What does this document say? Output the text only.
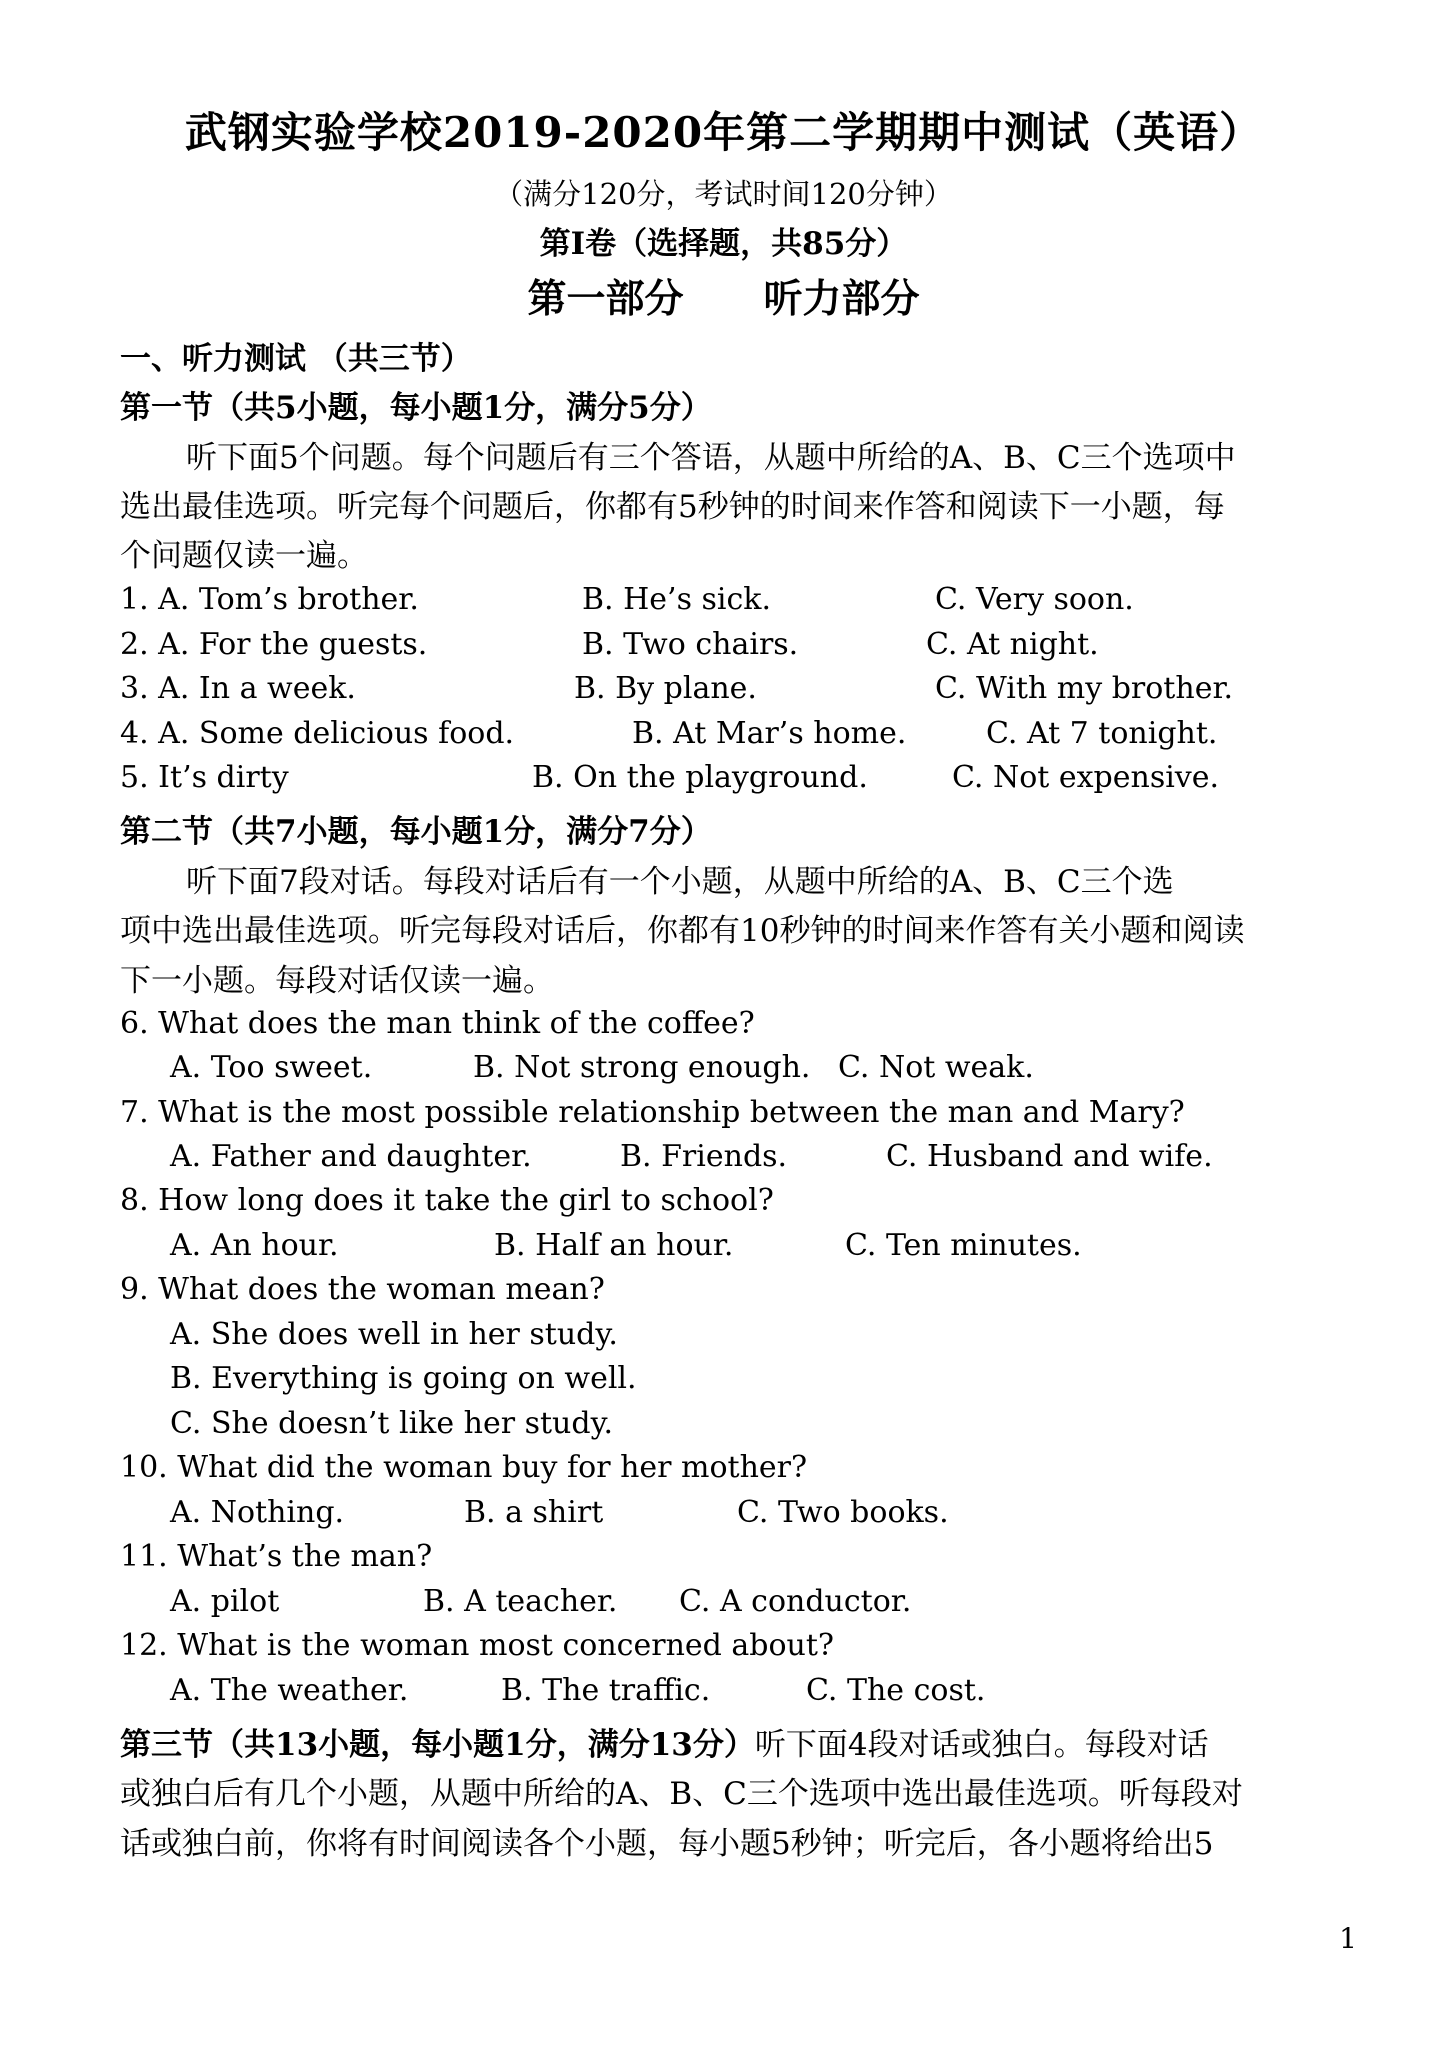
武钢实验学校2019-2020年第二学期期中测试（英语）
（满分120分，考试时间120分钟）
第Ⅰ卷（选择题，共85分）
第一部分 听力部分
一、听力测试 （共三节）
第一节（共5小题，每小题1分，满分5分）
听下面5个问题。每个问题后有三个答语，从题中所给的A、B、C三个选项中
选出最佳选项。听完每个问题后，你都有5秒钟的时间来作答和阅读下一小题，每
个问题仅读一遍。
1. A. Tom’s brother.	B. He’s sick.	C. Very soon.
2. A. For the guests.	B. Two chairs.	C. At night.
3. A. In a week.	B. By plane.	C. With my brother.
4. A. Some delicious food.	B. At Mar’s home.	C. At 7 tonight.
5. It’s dirty	B. On the playground.	C. Not expensive.
第二节（共7小题，每小题1分，满分7分）
听下面7段对话。每段对话后有一个小题，从题中所给的A、B、C三个选
项中选出最佳选项。听完每段对话后，你都有10秒钟的时间来作答有关小题和阅读
下一小题。每段对话仅读一遍。
6. What does the man think of the coffee?
A. Too sweet.	B. Not strong enough. C. Not weak.
7. What is the most possible relationship between the man and Mary?
A. Father and daughter.	B. Friends.	C. Husband and wife.
8. How long does it take the girl to school?
A. An hour.	B. Half an hour.	C. Ten minutes.
9. What does the woman mean?
A. She does well in her study.
B. Everything is going on well.
C. She doesn’t like her study.
10. What did the woman buy for her mother?
A. Nothing.	B. a shirt	C. Two books.
11. What’s the man?
A. pilot	B. A teacher. C. A conductor.
12. What is the woman most concerned about?
A. The weather.	B. The traffic.	C. The cost.
第三节（共13小题，每小题1分，满分13分）听下面4段对话或独白。每段对话
或独白后有几个小题，从题中所给的A、B、C三个选项中选出最佳选项。听每段对
话或独白前，你将有时间阅读各个小题，每小题5秒钟；听完后，各小题将给出5
1
